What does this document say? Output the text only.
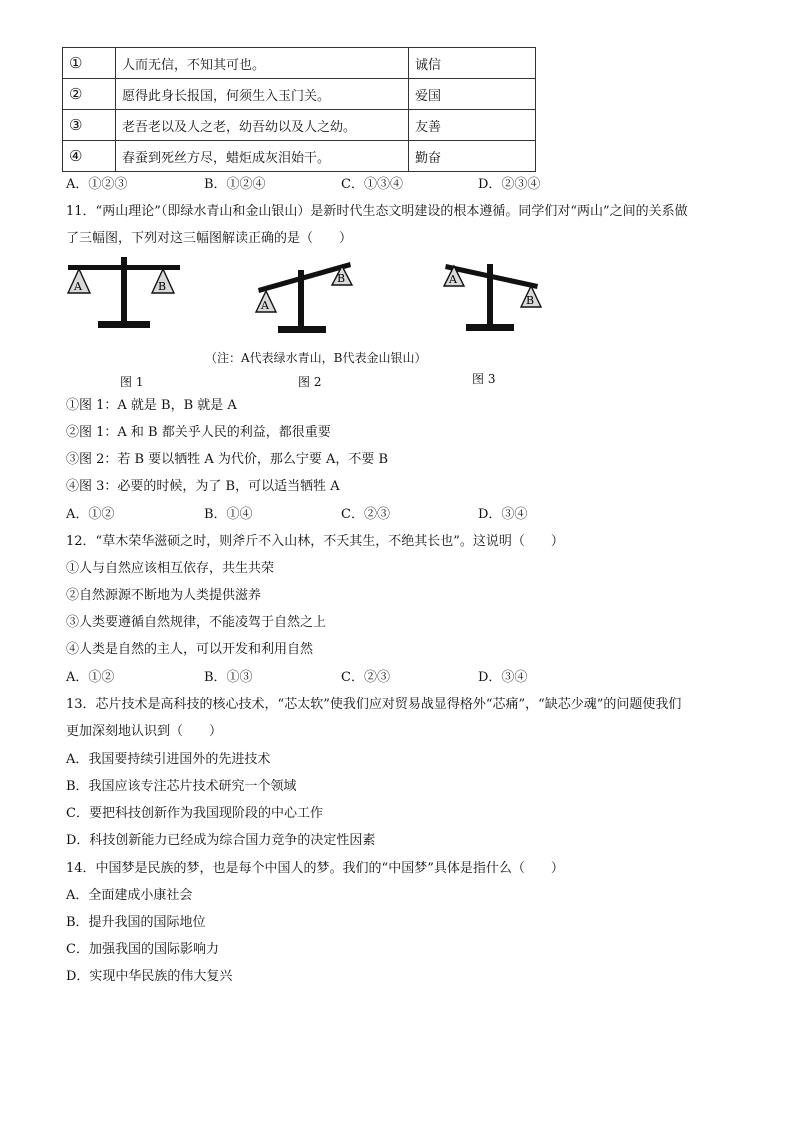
①	人而无信，不知其可也。	诚信
②	愿得此身长报国，何须生入玉门关。	爱国
③	老吾老以及人之老，幼吾幼以及人之幼。	友善
④	春蚕到死丝方尽，蜡炬成灰泪始干。	勤奋
A．①②③	B．①②④	C．①③④	D．②③④
11．“两山理论”（即绿水青山和金山银山）是新时代生态文明建设的根本遵循。同学们对“两山”之间的关系做
了三幅图，下列对这三幅图解读正确的是（　　）
A	B
A
B	A
B
（注：A代表绿水青山，B代表金山银山）
图 1	图 2	图 3
①图 1：A 就是 B，B 就是 A
②图 1：A 和 B 都关乎人民的利益，都很重要
③图 2：若 B 要以牺牲 A 为代价，那么宁要 A，不要 B
④图 3：必要的时候，为了 B，可以适当牺牲 A
A．①②	B．①④	C．②③	D．③④
12．“草木荣华滋硕之时，则斧斤不入山林，不夭其生，不绝其长也”。这说明（　　）
①人与自然应该相互依存，共生共荣
②自然源源不断地为人类提供滋养
③人类要遵循自然规律，不能凌驾于自然之上
④人类是自然的主人，可以开发和利用自然
A．①②	B．①③	C．②③	D．③④
13．芯片技术是高科技的核心技术，“芯太软”使我们应对贸易战显得格外“芯痛”，“缺芯少魂”的问题使我们
更加深刻地认识到（　　）
A．我国要持续引进国外的先进技术
B．我国应该专注芯片技术研究一个领域
C．要把科技创新作为我国现阶段的中心工作
D．科技创新能力已经成为综合国力竞争的决定性因素
14．中国梦是民族的梦，也是每个中国人的梦。我们的“中国梦”具体是指什么（　　）
A．全面建成小康社会
B．提升我国的国际地位
C．加强我国的国际影响力
D．实现中华民族的伟大复兴
